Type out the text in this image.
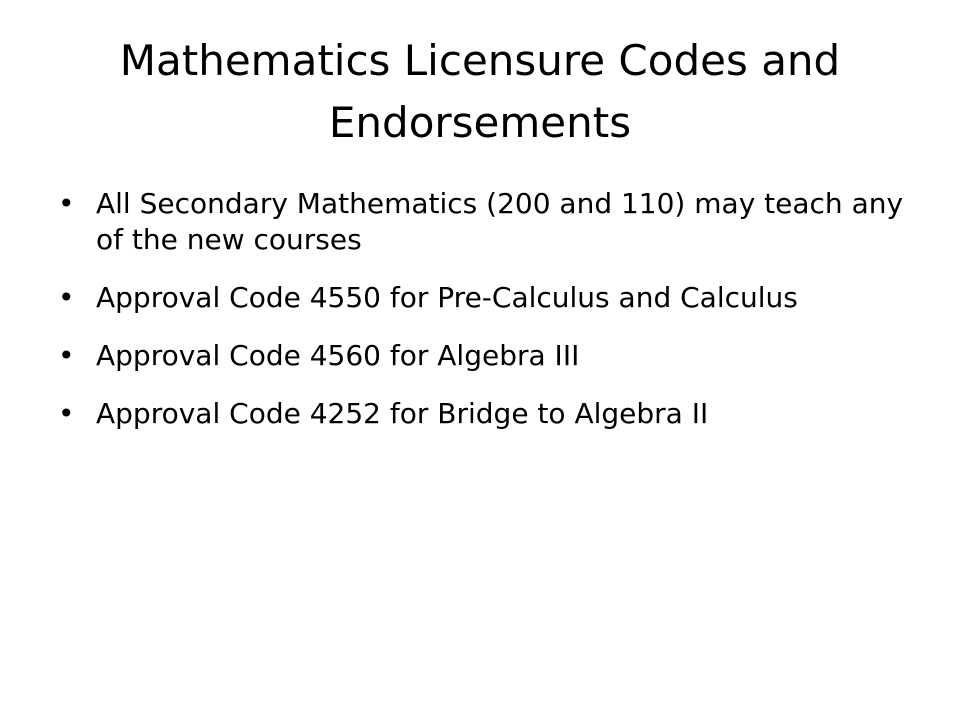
Mathematics Licensure Codes and Endorsements
• All Secondary Mathematics (200 and 110) may teach any of the new courses
• Approval Code 4550 for Pre-Calculus and Calculus
• Approval Code 4560 for Algebra III
• Approval Code 4252 for Bridge to Algebra II
